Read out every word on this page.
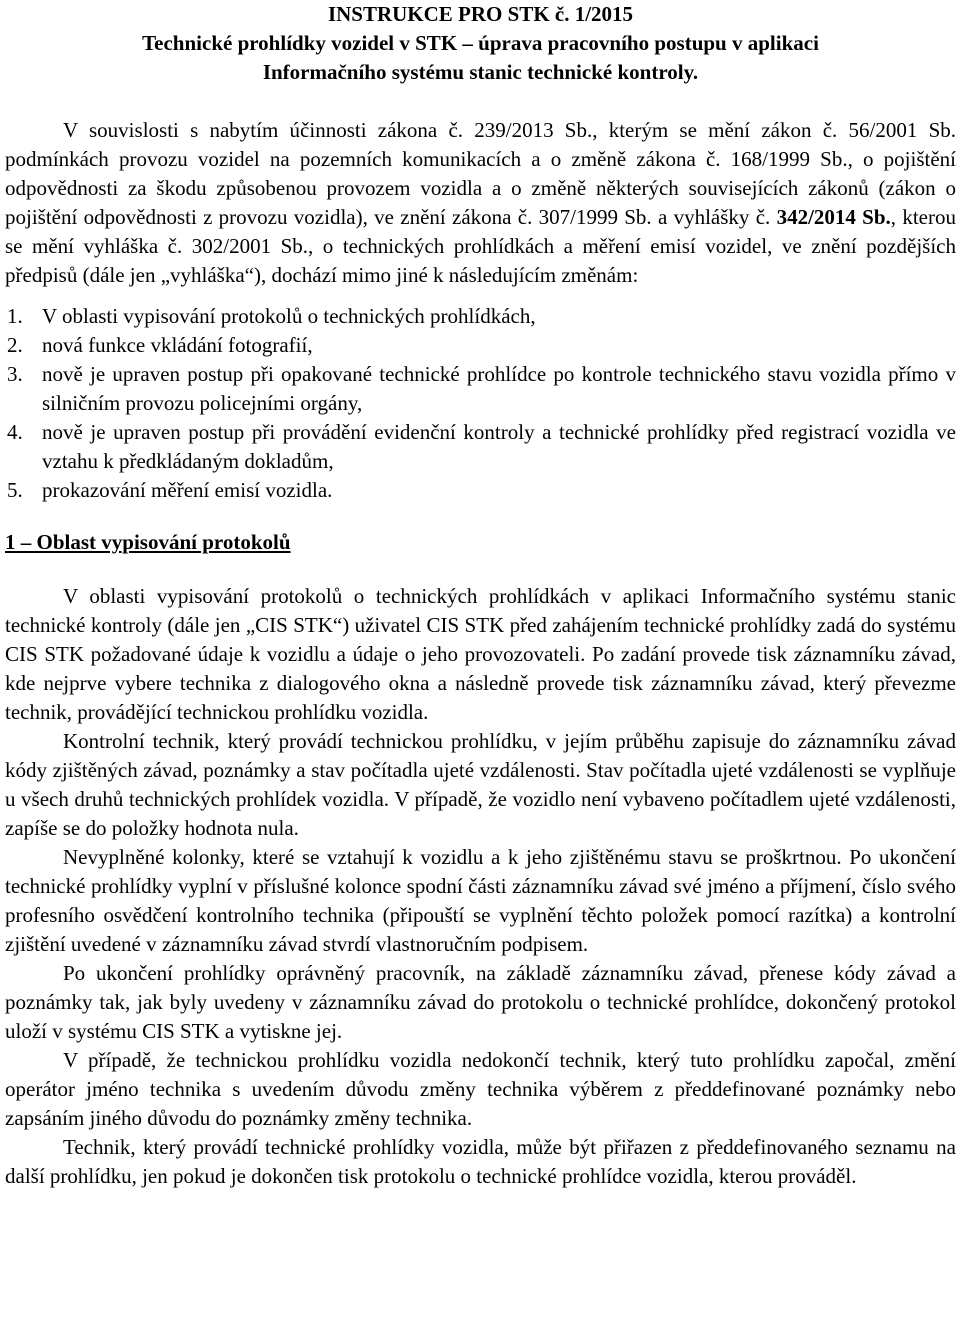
INSTRUKCE PRO STK č. 1/2015
Technické prohlídky vozidel v STK – úprava pracovního postupu v aplikaci
Informačního systému stanic technické kontroly.

V souvislosti s nabytím účinnosti zákona č. 239/2013 Sb., kterým se mění zákon č. 56/2001 Sb. podmínkách provozu vozidel na pozemních komunikacích a o změně zákona č. 168/1999 Sb., o pojištění odpovědnosti za škodu způsobenou provozem vozidla a o změně některých souvisejících zákonů (zákon o pojištění odpovědnosti z provozu vozidla), ve znění zákona č. 307/1999 Sb. a vyhlášky č. 342/2014 Sb., kterou se mění vyhláška č. 302/2001 Sb., o technických prohlídkách a měření emisí vozidel, ve znění pozdějších předpisů (dále jen „vyhláška“), dochází mimo jiné k následujícím změnám:

1. V oblasti vypisování protokolů o technických prohlídkách,
2. nová funkce vkládání fotografií,
3. nově je upraven postup při opakované technické prohlídce po kontrole technického stavu vozidla přímo v silničním provozu policejními orgány,
4. nově je upraven postup při provádění evidenční kontroly a technické prohlídky před registrací vozidla ve vztahu k předkládaným dokladům,
5. prokazování měření emisí vozidla.
1 – Oblast vypisování protokolů

V oblasti vypisování protokolů o technických prohlídkách v aplikaci Informačního systému stanic technické kontroly (dále jen „CIS STK“) uživatel CIS STK před zahájením technické prohlídky zadá do systému CIS STK požadované údaje k vozidlu a údaje o jeho provozovateli. Po zadání provede tisk záznamníku závad, kde nejprve vybere technika z dialogového okna a následně provede tisk záznamníku závad, který převezme technik, provádějící technickou prohlídku vozidla.

Kontrolní technik, který provádí technickou prohlídku, v jejím průběhu zapisuje do záznamníku závad kódy zjištěných závad, poznámky a stav počítadla ujeté vzdálenosti. Stav počítadla ujeté vzdálenosti se vyplňuje u všech druhů technických prohlídek vozidla. V případě, že vozidlo není vybaveno počítadlem ujeté vzdálenosti, zapíše se do položky hodnota nula.

Nevyplněné kolonky, které se vztahují k vozidlu a k jeho zjištěnému stavu se proškrtnou. Po ukončení technické prohlídky vyplní v příslušné kolonce spodní části záznamníku závad své jméno a příjmení, číslo svého profesního osvědčení kontrolního technika (připouští se vyplnění těchto položek pomocí razítka) a kontrolní zjištění uvedené v záznamníku závad stvrdí vlastnoručním podpisem.

Po ukončení prohlídky oprávněný pracovník, na základě záznamníku závad, přenese kódy závad a poznámky tak, jak byly uvedeny v záznamníku závad do protokolu o technické prohlídce, dokončený protokol uloží v systému CIS STK a vytiskne jej.

V případě, že technickou prohlídku vozidla nedokončí technik, který tuto prohlídku započal, změní operátor jméno technika s uvedením důvodu změny technika výběrem z předdefinované poznámky nebo zapsáním jiného důvodu do poznámky změny technika.

Technik, který provádí technické prohlídky vozidla, může být přiřazen z předdefinovaného seznamu na další prohlídku, jen pokud je dokončen tisk protokolu o technické prohlídce vozidla, kterou prováděl.
